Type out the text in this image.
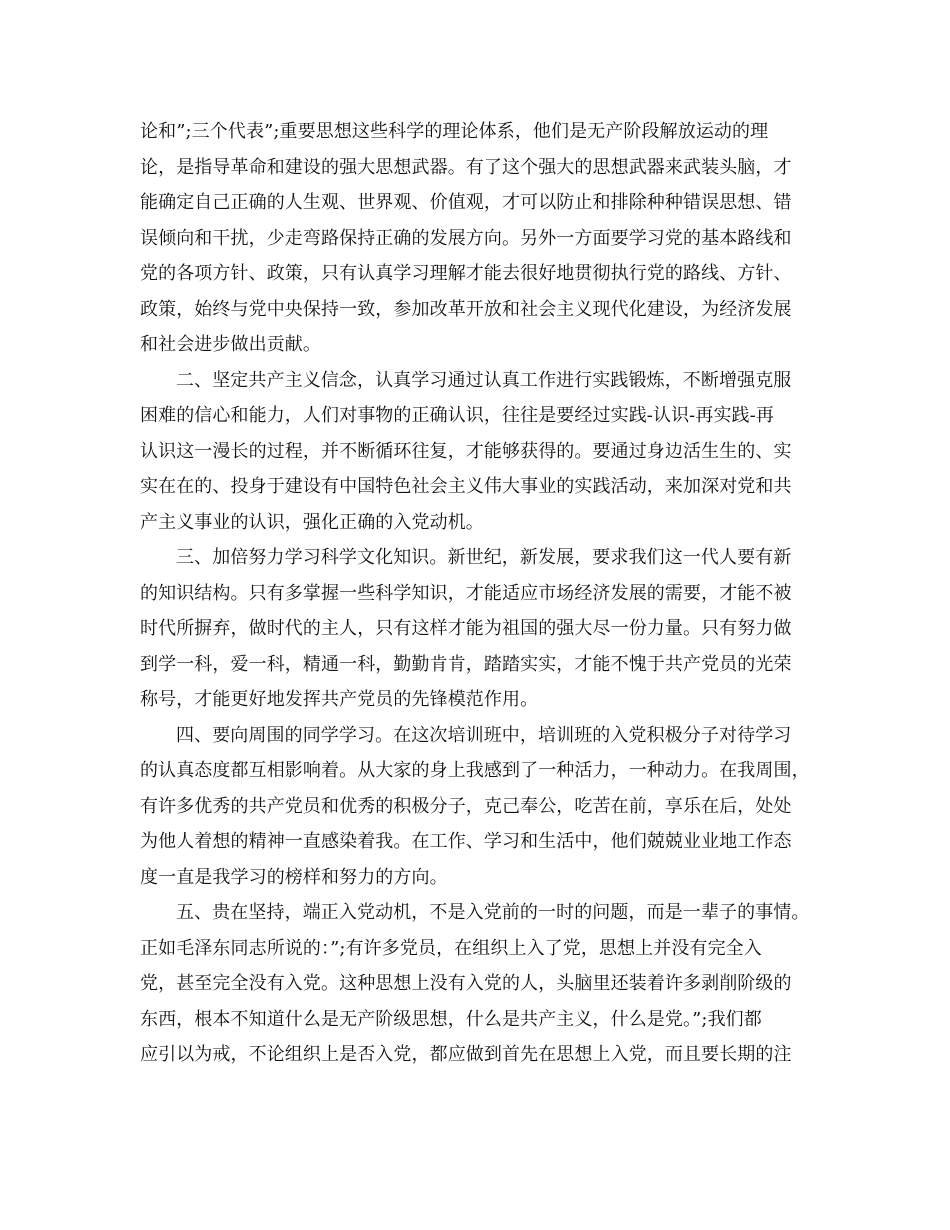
论和”;三个代表”;重要思想这些科学的理论体系，他们是无产阶段解放运动的理
论，是指导革命和建设的强大思想武器。有了这个强大的思想武器来武装头脑，才
能确定自己正确的人生观、世界观、价值观，才可以防止和排除种种错误思想、错
误倾向和干扰，少走弯路保持正确的发展方向。另外一方面要学习党的基本路线和
党的各项方针、政策，只有认真学习理解才能去很好地贯彻执行党的路线、方针、
政策，始终与党中央保持一致，参加改革开放和社会主义现代化建设，为经济发展
和社会进步做出贡献。
二、坚定共产主义信念，认真学习通过认真工作进行实践锻炼，不断增强克服
困难的信心和能力，人们对事物的正确认识，往往是要经过实践-认识-再实践-再
认识这一漫长的过程，并不断循环往复，才能够获得的。要通过身边活生生的、实
实在在的、投身于建设有中国特色社会主义伟大事业的实践活动，来加深对党和共
产主义事业的认识，强化正确的入党动机。
三、加倍努力学习科学文化知识。新世纪，新发展，要求我们这一代人要有新
的知识结构。只有多掌握一些科学知识，才能适应市场经济发展的需要，才能不被
时代所摒弃，做时代的主人，只有这样才能为祖国的强大尽一份力量。只有努力做
到学一科，爱一科，精通一科，勤勤肯肯，踏踏实实，才能不愧于共产党员的光荣
称号，才能更好地发挥共产党员的先锋模范作用。
四、要向周围的同学学习。在这次培训班中，培训班的入党积极分子对待学习
的认真态度都互相影响着。从大家的身上我感到了一种活力，一种动力。在我周围，
有许多优秀的共产党员和优秀的积极分子，克己奉公，吃苦在前，享乐在后，处处
为他人着想的精神一直感染着我。在工作、学习和生活中，他们兢兢业业地工作态
度一直是我学习的榜样和努力的方向。
五、贵在坚持，端正入党动机，不是入党前的一时的问题，而是一辈子的事情。
正如毛泽东同志所说的：”;有许多党员，在组织上入了党，思想上并没有完全入
党，甚至完全没有入党。这种思想上没有入党的人，头脑里还装着许多剥削阶级的
东西，根本不知道什么是无产阶级思想，什么是共产主义，什么是党。”;我们都
应引以为戒，不论组织上是否入党，都应做到首先在思想上入党，而且要长期的注
